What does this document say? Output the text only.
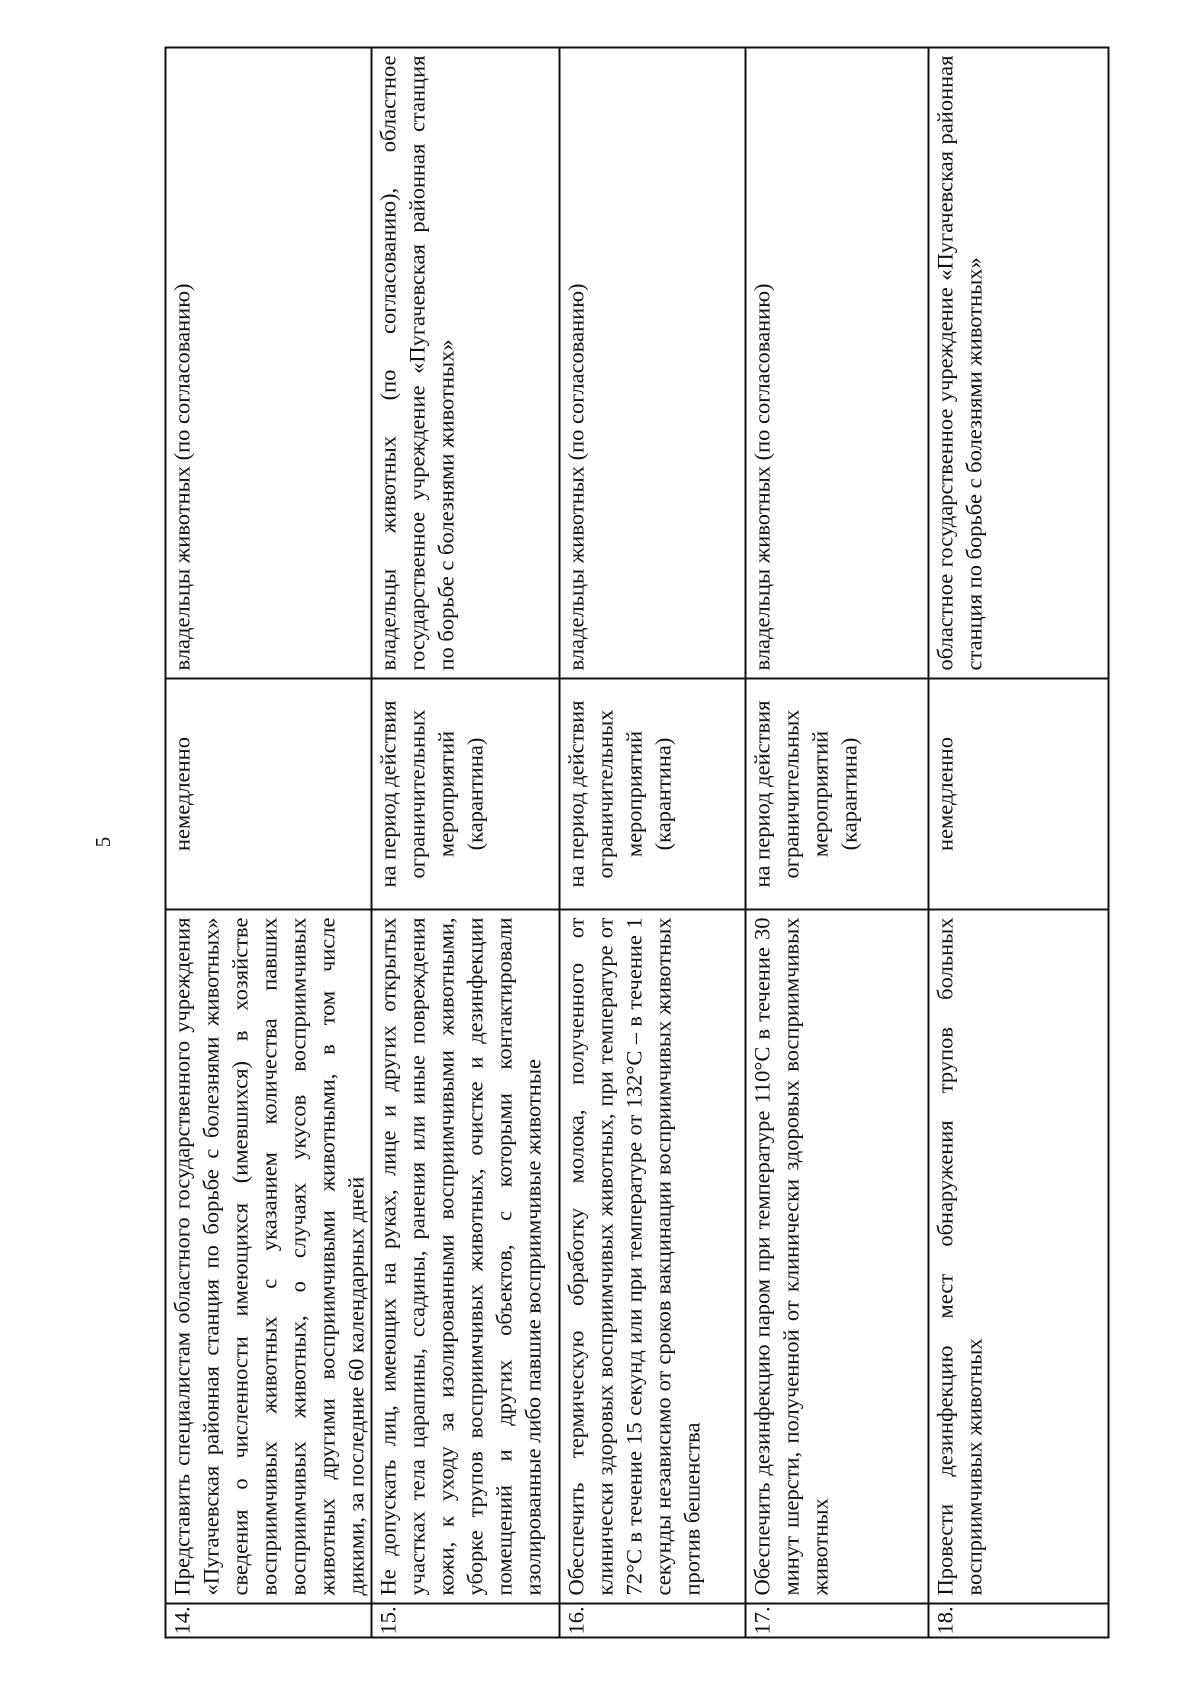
5
14.	Представить специалистам областного государственного учреждения «Пугачевская районная станция по борьбе с болезнями животных» сведения о численности имеющихся (имевшихся) в хозяйстве восприимчивых животных с указанием количества павших восприимчивых животных, о случаях укусов восприимчивых животных другими восприимчивыми животными, в том числе дикими, за последние 60 календарных дней	немедленно	владельцы животных (по согласованию)
15.	Не допускать лиц, имеющих на руках, лице и других открытых участках тела царапины, ссадины, ранения или иные повреждения кожи, к уходу за изолированными восприимчивыми животными, уборке трупов восприимчивых животных, очистке и дезинфекции помещений и других объектов, с которыми контактировали изолированные либо павшие восприимчивые животные	на период действия ограничительных мероприятий (карантина)	владельцы животных (по согласованию), областное государственное учреждение «Пугачевская районная станция по борьбе с болезнями животных»
16.	Обеспечить термическую обработку молока, полученного от клинически здоровых восприимчивых животных, при температуре от 72°С в течение 15 секунд или при температуре от 132°С – в течение 1 секунды независимо от сроков вакцинации восприимчивых животных против бешенства	на период действия ограничительных мероприятий (карантина)	владельцы животных (по согласованию)
17.	Обеспечить дезинфекцию паром при температуре 110°С в течение 30 минут шерсти, полученной от клинически здоровых восприимчивых животных	на период действия ограничительных мероприятий (карантина)	владельцы животных (по согласованию)
18.	Провести дезинфекцию мест обнаружения трупов больных восприимчивых животных	немедленно	областное государственное учреждение «Пугачевская районная станция по борьбе с болезнями животных»
